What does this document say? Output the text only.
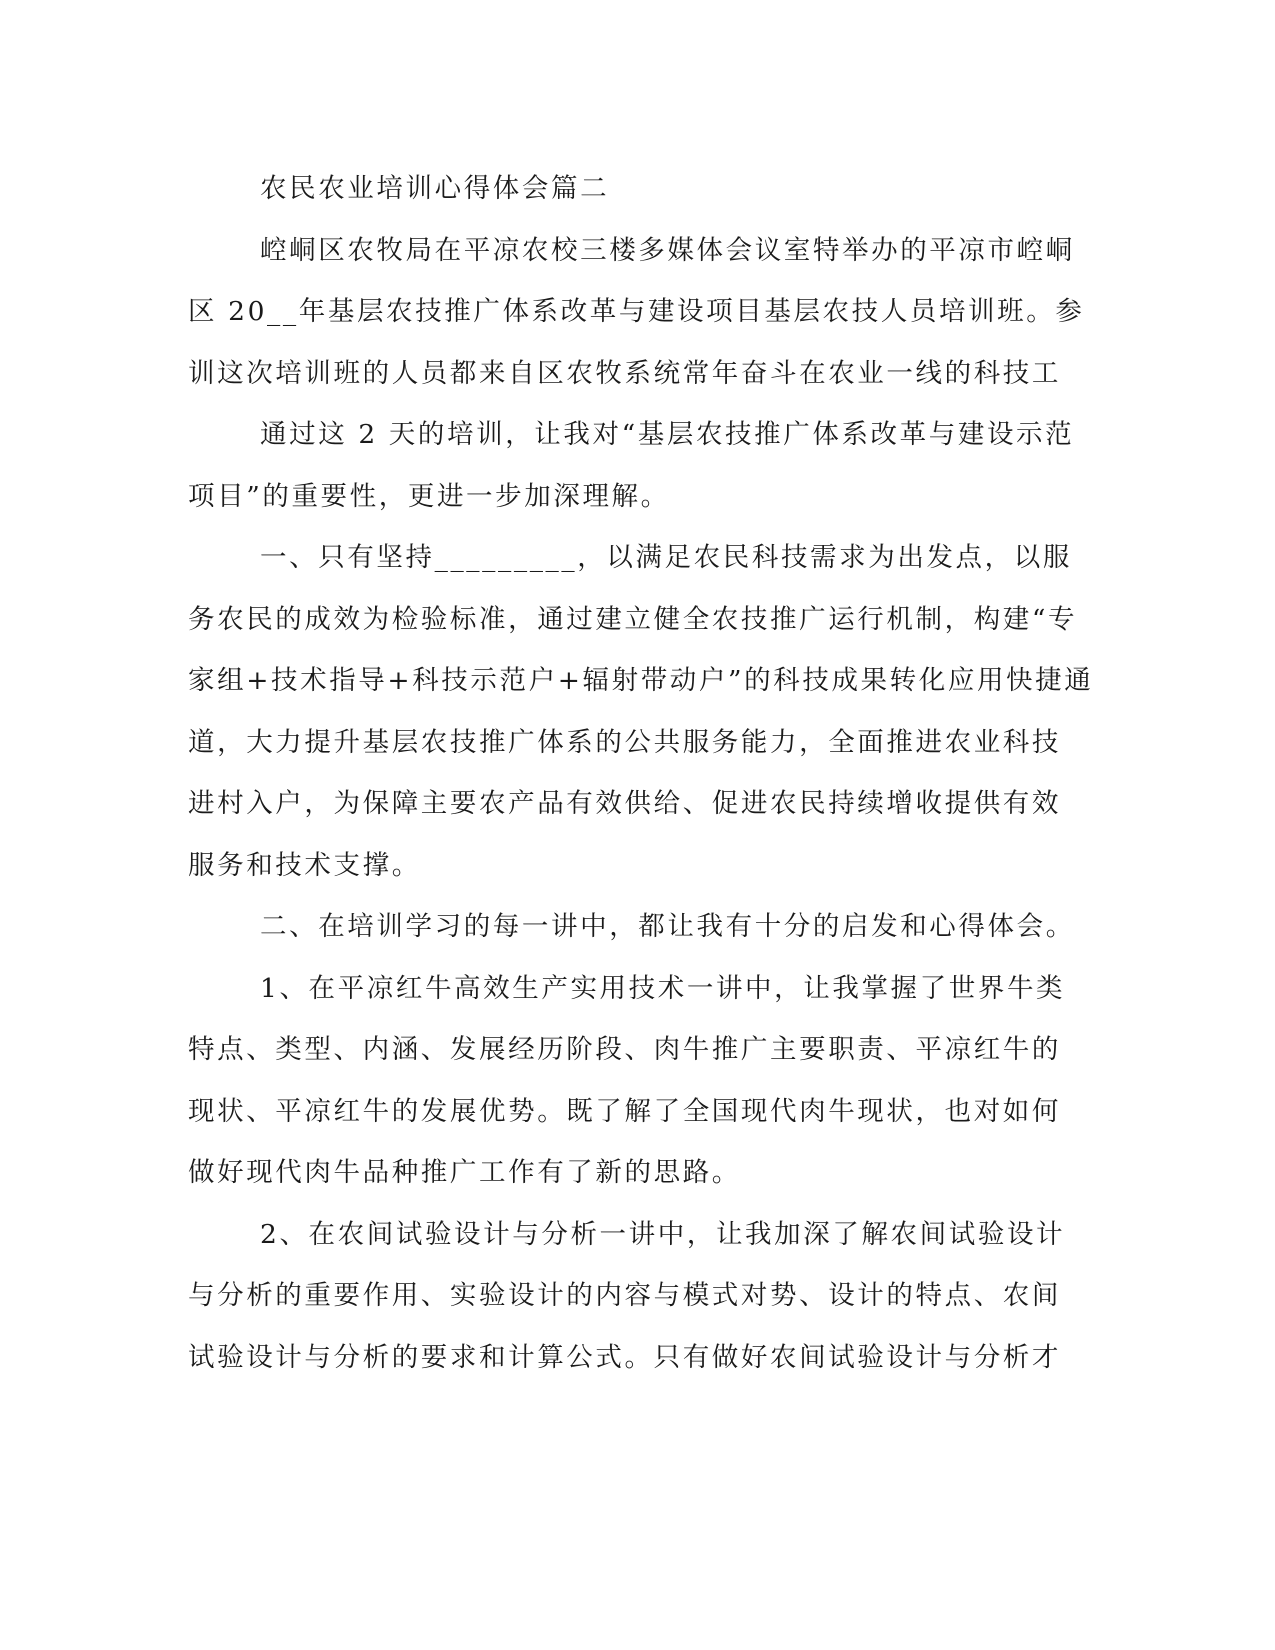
农民农业培训心得体会篇二
崆峒区农牧局在平凉农校三楼多媒体会议室特举办的平凉市崆峒
区 20__年基层农技推广体系改革与建设项目基层农技人员培训班。参
训这次培训班的人员都来自区农牧系统常年奋斗在农业一线的科技工
通过这 2 天的培训，让我对“基层农技推广体系改革与建设示范
项目”的重要性，更进一步加深理解。
一、只有坚持_________，以满足农民科技需求为出发点，以服
务农民的成效为检验标准，通过建立健全农技推广运行机制，构建“专
家组+技术指导+科技示范户+辐射带动户”的科技成果转化应用快捷通
道，大力提升基层农技推广体系的公共服务能力，全面推进农业科技
进村入户，为保障主要农产品有效供给、促进农民持续增收提供有效
服务和技术支撑。
二、在培训学习的每一讲中，都让我有十分的启发和心得体会。
1、在平凉红牛高效生产实用技术一讲中，让我掌握了世界牛类
特点、类型、内涵、发展经历阶段、肉牛推广主要职责、平凉红牛的
现状、平凉红牛的发展优势。既了解了全国现代肉牛现状，也对如何
做好现代肉牛品种推广工作有了新的思路。
2、在农间试验设计与分析一讲中，让我加深了解农间试验设计
与分析的重要作用、实验设计的内容与模式对势、设计的特点、农间
试验设计与分析的要求和计算公式。只有做好农间试验设计与分析才
